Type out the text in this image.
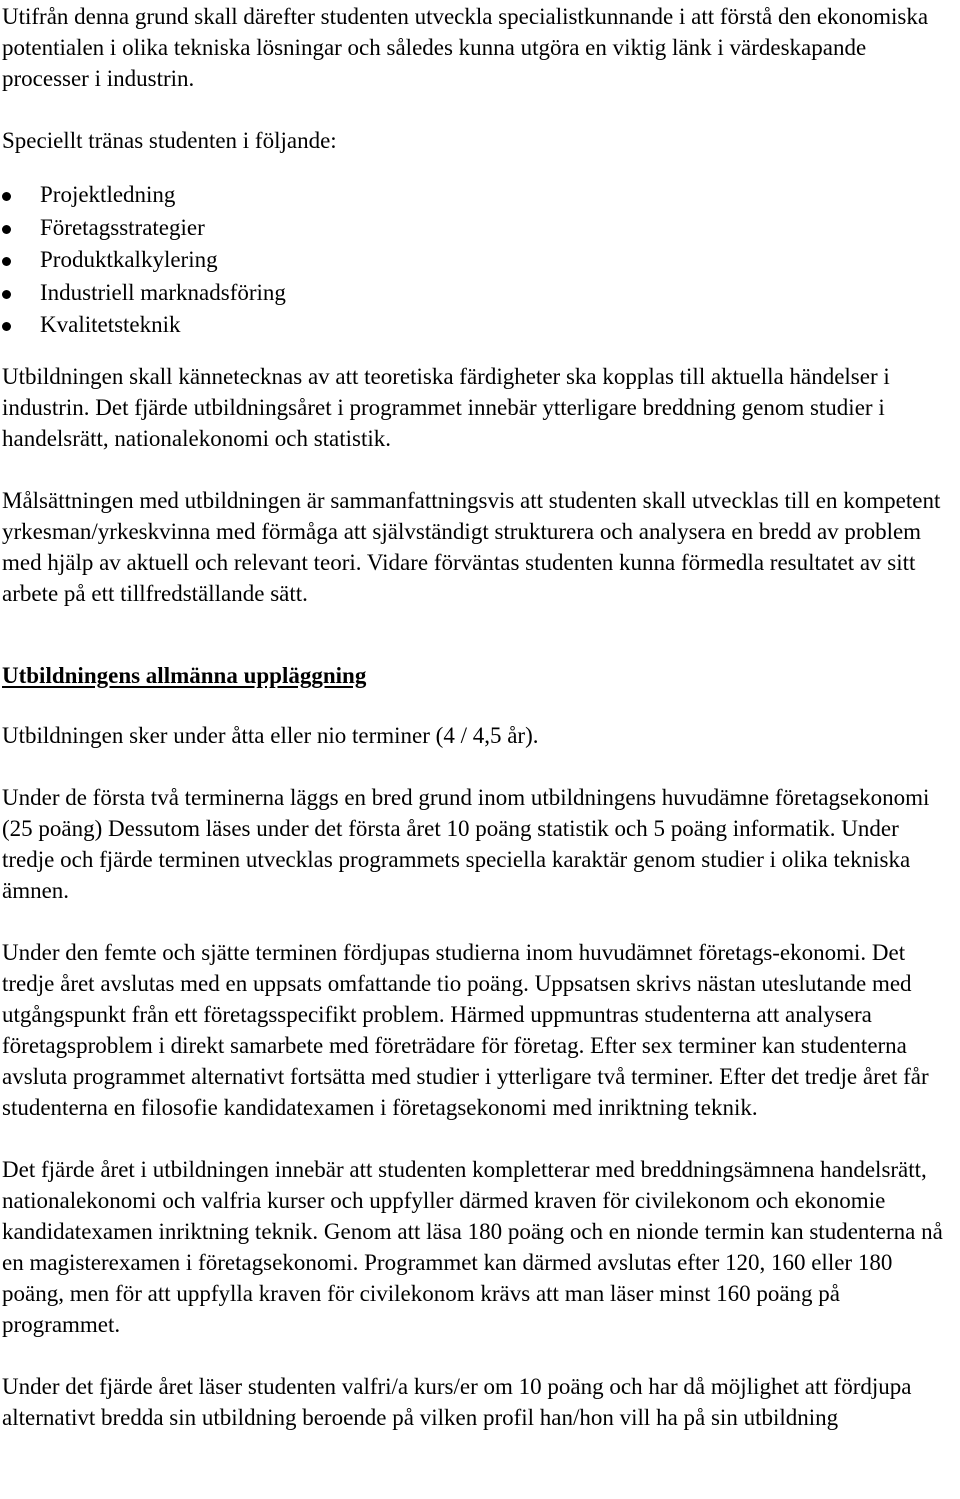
Utifrån denna grund skall därefter studenten utveckla specialistkunnande i att förstå den ekonomiska potentialen i olika tekniska lösningar och således kunna utgöra en viktig länk i värdeskapande processer i industrin.

Speciellt tränas studenten i följande:

Projektledning
Företagsstrategier
Produktkalkylering
Industriell marknadsföring
Kvalitetsteknik

Utbildningen skall kännetecknas av att teoretiska färdigheter ska kopplas till aktuella händelser i industrin. Det fjärde utbildningsåret i programmet innebär ytterligare breddning genom studier i handelsrätt, nationalekonomi och statistik.

Målsättningen med utbildningen är sammanfattningsvis att studenten skall utvecklas till en kompetent yrkesman/yrkeskvinna med förmåga att självständigt strukturera och analysera en bredd av problem med hjälp av aktuell och relevant teori. Vidare förväntas studenten kunna förmedla resultatet av sitt arbete på ett tillfredställande sätt.

Utbildningens allmänna uppläggning

Utbildningen sker under åtta eller nio terminer (4 / 4,5 år).

Under de första två terminerna läggs en bred grund inom utbildningens huvudämne företagsekonomi (25 poäng) Dessutom läses under det första året 10 poäng statistik och 5 poäng informatik. Under tredje och fjärde terminen utvecklas programmets speciella karaktär genom studier i olika tekniska ämnen.

Under den femte och sjätte terminen fördjupas studierna inom huvudämnet företags-ekonomi. Det tredje året avslutas med en uppsats omfattande tio poäng. Uppsatsen skrivs nästan uteslutande med utgångspunkt från ett företagsspecifikt problem. Härmed uppmuntras studenterna att analysera företagsproblem i direkt samarbete med företrädare för företag. Efter sex terminer kan studenterna avsluta programmet alternativt fortsätta med studier i ytterligare två terminer. Efter det tredje året får studenterna en filosofie kandidatexamen i företagsekonomi med inriktning teknik.

Det fjärde året i utbildningen innebär att studenten kompletterar med breddningsämnena handelsrätt, nationalekonomi och valfria kurser och uppfyller därmed kraven för civilekonom och ekonomie kandidatexamen inriktning teknik. Genom att läsa 180 poäng och en nionde termin kan studenterna nå en magisterexamen i företagsekonomi. Programmet kan därmed avslutas efter 120, 160 eller 180 poäng, men för att uppfylla kraven för civilekonom krävs att man läser minst 160 poäng på programmet.

Under det fjärde året läser studenten valfri/a kurs/er om 10 poäng och har då möjlighet att fördjupa alternativt bredda sin utbildning beroende på vilken profil han/hon vill ha på sin utbildning
